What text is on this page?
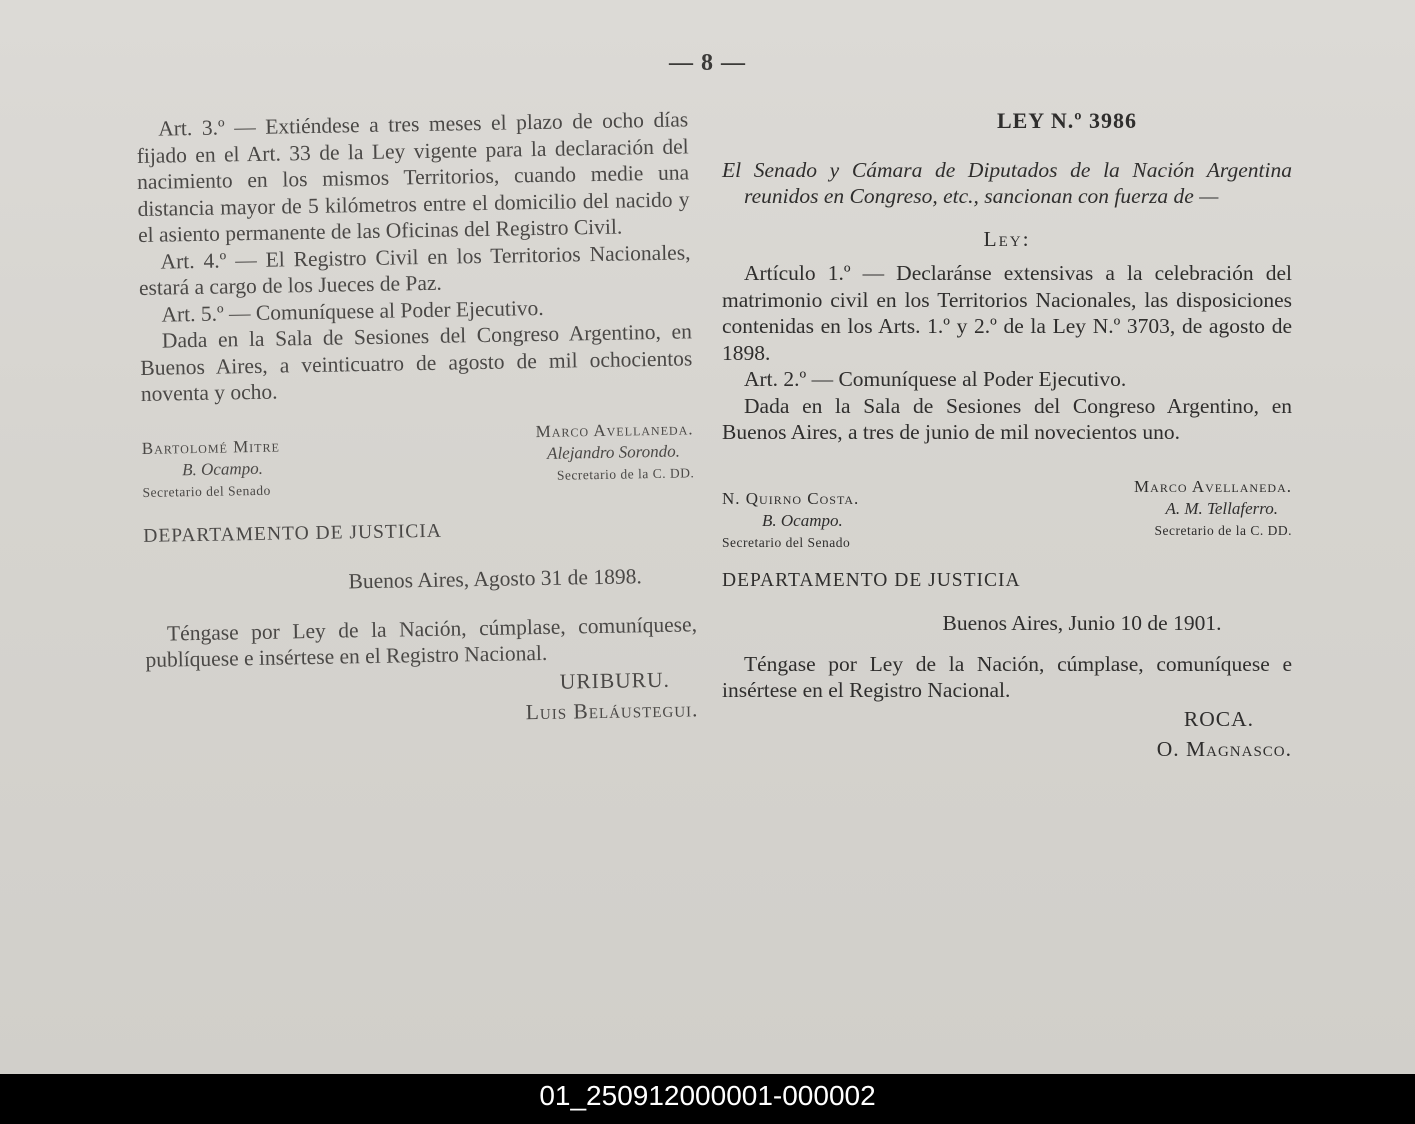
— 8 —

Art. 3.º — Extiéndese a tres meses el plazo de ocho días fijado en el Art. 33 de la Ley vigente para la declaración del nacimiento en los mismos Territorios, cuando medie una distancia mayor de 5 kilómetros entre el domicilio del nacido y el asiento permanente de las Oficinas del Registro Civil.

Art. 4.º — El Registro Civil en los Territorios Nacionales, estará a cargo de los Jueces de Paz.

Art. 5.º — Comuníquese al Poder Ejecutivo.

Dada en la Sala de Sesiones del Congreso Argentino, en Buenos Aires, a veinticuatro de agosto de mil ochocientos noventa y ocho.

Bartolomé Mitre
B. Ocampo.
Secretario del Senado
Marco Avellaneda.
Alejandro Sorondo.
Secretario de la C. DD.
DEPARTAMENTO DE JUSTICIA
Buenos Aires, Agosto 31 de 1898.

Téngase por Ley de la Nación, cúmplase, comuníquese, publíquese e insértese en el Registro Nacional.

URIBURU.
Luis Beláustegui.
LEY N.º 3986
El Senado y Cámara de Diputados de la Nación Argentina reunidos en Congreso, etc., sancionan con fuerza de —
Ley:

Artículo 1.º — Declaránse extensivas a la celebración del matrimonio civil en los Territorios Nacionales, las disposiciones contenidas en los Arts. 1.º y 2.º de la Ley N.º 3703, de agosto de 1898.

Art. 2.º — Comuníquese al Poder Ejecutivo.

Dada en la Sala de Sesiones del Congreso Argentino, en Buenos Aires, a tres de junio de mil novecientos uno.

N. Quirno Costa.
B. Ocampo.
Secretario del Senado
Marco Avellaneda.
A. M. Tellaferro.
Secretario de la C. DD.
DEPARTAMENTO DE JUSTICIA
Buenos Aires, Junio 10 de 1901.

Téngase por Ley de la Nación, cúmplase, comuníquese e insértese en el Registro Nacional.

ROCA.
O. Magnasco.
01_250912000001-000002
